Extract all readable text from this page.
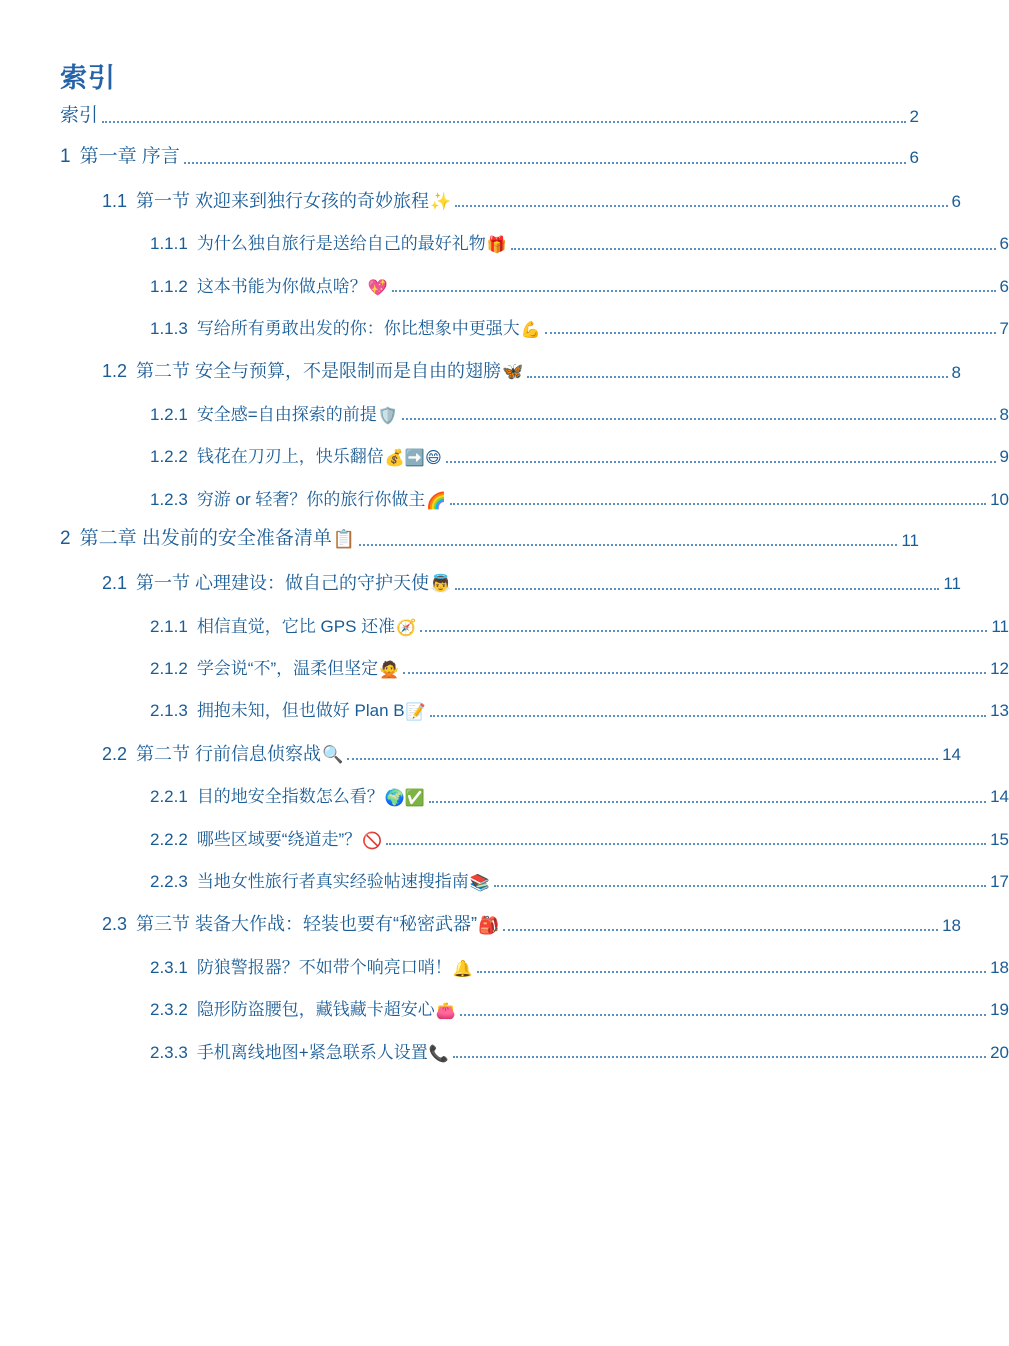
索引
索引	2
1 第一章 序言	6
1.1 第一节 欢迎来到独行女孩的奇妙旅程 ✨	6
1.1.1 为什么独自旅行是送给自己的最好礼物 🎁	6
1.1.2 这本书能为你做点啥？ 💖	6
1.1.3 写给所有勇敢出发的你：你比想象中更强大 💪	7
1.2 第二节 安全与预算，不是限制而是自由的翅膀 🦋	8
1.2.1 安全感=自由探索的前提 🛡️	8
1.2.2 钱花在刀刃上，快乐翻倍 💰➡️😄	9
1.2.3 穷游 or 轻奢？你的旅行你做主 🌈	10
2 第二章 出发前的安全准备清单 📋	11
2.1 第一节 心理建设：做自己的守护天使 👼	11
2.1.1 相信直觉，它比 GPS 还准 🧭	11
2.1.2 学会说“不”，温柔但坚定 🙅	12
2.1.3 拥抱未知，但也做好 Plan B 📝	13
2.2 第二节 行前信息侦察战 🔍	14
2.2.1 目的地安全指数怎么看？ 🌍✅	14
2.2.2 哪些区域要“绕道走”？ 🚫	15
2.2.3 当地女性旅行者真实经验帖速搜指南 📚	17
2.3 第三节 装备大作战：轻装也要有“秘密武器” 🎒	18
2.3.1 防狼警报器？不如带个响亮口哨！ 🔔	18
2.3.2 隐形防盗腰包，藏钱藏卡超安心 👛	19
2.3.3 手机离线地图+紧急联系人设置 📞	20
